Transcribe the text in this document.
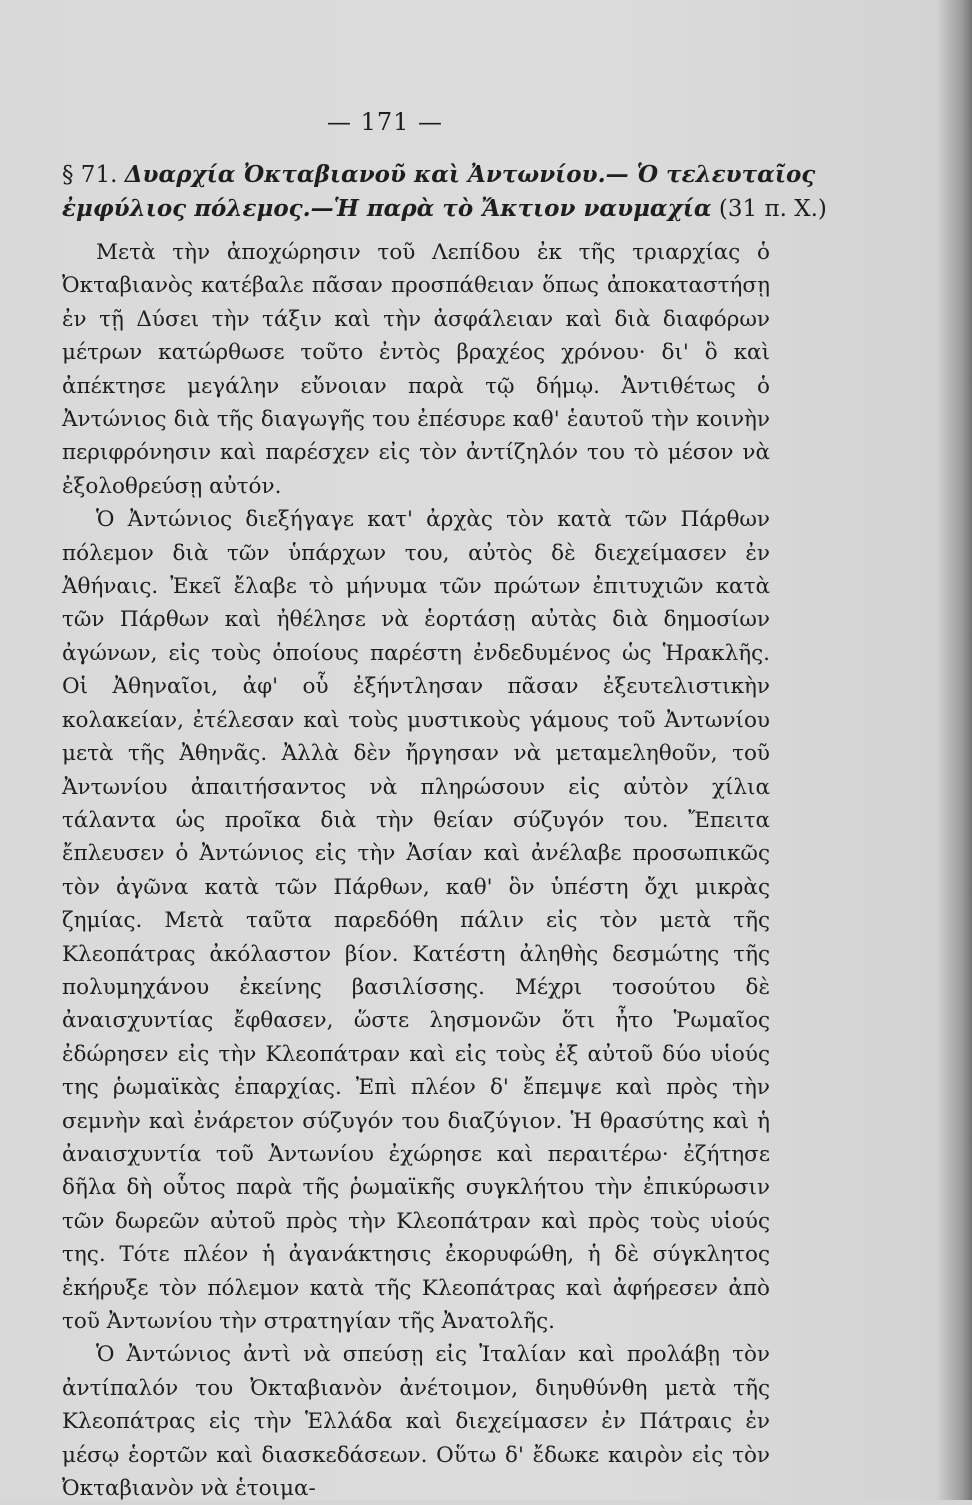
— 171 —
§ 71. Δυαρχία Ὀκταβιανοῦ καὶ Ἀντωνίου.— Ὁ τελευταῖος
ἐμφύλιος πόλεμος.—Ἡ παρὰ τὸ Ἄκτιον ναυμαχία (31 π. Χ.)

Μετὰ τὴν ἀποχώρησιν τοῦ Λεπίδου ἐκ τῆς τριαρχίας ὁ Ὀκταβιανὸς κατέβαλε πᾶσαν προσπάθειαν ὅπως ἀποκαταστήσῃ ἐν τῇ Δύσει τὴν τάξιν καὶ τὴν ἀσφάλειαν καὶ διὰ διαφόρων μέτρων κατώρθωσε τοῦτο ἐντὸς βραχέος χρόνου· δι' ὃ καὶ ἀπέκτησε μεγάλην εὔνοιαν παρὰ τῷ δήμῳ. Ἀντιθέτως ὁ Ἀντώνιος διὰ τῆς διαγωγῆς του ἐπέσυρε καθ' ἑαυτοῦ τὴν κοινὴν περιφρόνησιν καὶ παρέσχεν εἰς τὸν ἀντίζηλόν του τὸ μέσον νὰ ἐξολοθρεύσῃ αὐτόν.

Ὁ Ἀντώνιος διεξήγαγε κατ' ἀρχὰς τὸν κατὰ τῶν Πάρθων πόλεμον διὰ τῶν ὑπάρχων του, αὐτὸς δὲ διεχείμασεν ἐν Ἀθήναις. Ἐκεῖ ἔλαβε τὸ μήνυμα τῶν πρώτων ἐπιτυχιῶν κατὰ τῶν Πάρθων καὶ ἠθέλησε νὰ ἑορτάσῃ αὐτὰς διὰ δημοσίων ἀγώνων, εἰς τοὺς ὁποίους παρέστη ἐνδεδυμένος ὡς Ἡρακλῆς. Οἱ Ἀθηναῖοι, ἀφ' οὗ ἐξήντλησαν πᾶσαν ἐξευτελιστικὴν κολακείαν, ἐτέλεσαν καὶ τοὺς μυστικοὺς γάμους τοῦ Ἀντωνίου μετὰ τῆς Ἀθηνᾶς. Ἀλλὰ δὲν ἤργησαν νὰ μεταμεληθοῦν, τοῦ Ἀντωνίου ἀπαιτήσαντος νὰ πληρώσουν εἰς αὐτὸν χίλια τάλαντα ὡς προῖκα διὰ τὴν θείαν σύζυγόν του. Ἔπειτα ἔπλευσεν ὁ Ἀντώνιος εἰς τὴν Ἀσίαν καὶ ἀνέλαβε προσωπικῶς τὸν ἀγῶνα κατὰ τῶν Πάρθων, καθ' ὃν ὑπέστη ὄχι μικρὰς ζημίας. Μετὰ ταῦτα παρεδόθη πάλιν εἰς τὸν μετὰ τῆς Κλεοπάτρας ἀκόλαστον βίον. Κατέστη ἀληθὴς δεσμώτης τῆς πολυμηχάνου ἐκείνης βασιλίσσης. Μέχρι τοσούτου δὲ ἀναισχυντίας ἔφθασεν, ὥστε λησμονῶν ὅτι ἦτο Ῥωμαῖος ἐδώρησεν εἰς τὴν Κλεοπάτραν καὶ εἰς τοὺς ἐξ αὐτοῦ δύο υἱούς της ῥωμαϊκὰς ἐπαρχίας. Ἐπὶ πλέον δ' ἔπεμψε καὶ πρὸς τὴν σεμνὴν καὶ ἐνάρετον σύζυγόν του διαζύγιον. Ἡ θρασύτης καὶ ἡ ἀναισχυντία τοῦ Ἀντωνίου ἐχώρησε καὶ περαιτέρω· ἐζήτησε δῆλα δὴ οὗτος παρὰ τῆς ῥωμαϊκῆς συγκλήτου τὴν ἐπικύρωσιν τῶν δωρεῶν αὐτοῦ πρὸς τὴν Κλεοπάτραν καὶ πρὸς τοὺς υἱούς της. Τότε πλέον ἡ ἀγανάκτησις ἐκορυφώθη, ἡ δὲ σύγκλητος ἐκήρυξε τὸν πόλεμον κατὰ τῆς Κλεοπάτρας καὶ ἀφήρεσεν ἀπὸ τοῦ Ἀντωνίου τὴν στρατηγίαν τῆς Ἀνατολῆς.

Ὁ Ἀντώνιος ἀντὶ νὰ σπεύσῃ εἰς Ἰταλίαν καὶ προλάβῃ τὸν ἀντίπαλόν του Ὀκταβιανὸν ἀνέτοιμον, διηυθύνθη μετὰ τῆς Κλεοπάτρας εἰς τὴν Ἑλλάδα καὶ διεχείμασεν ἐν Πάτραις ἐν μέσῳ ἑορτῶν καὶ διασκεδάσεων. Οὕτω δ' ἔδωκε καιρὸν εἰς τὸν Ὀκταβιανὸν νὰ ἑτοιμα-
